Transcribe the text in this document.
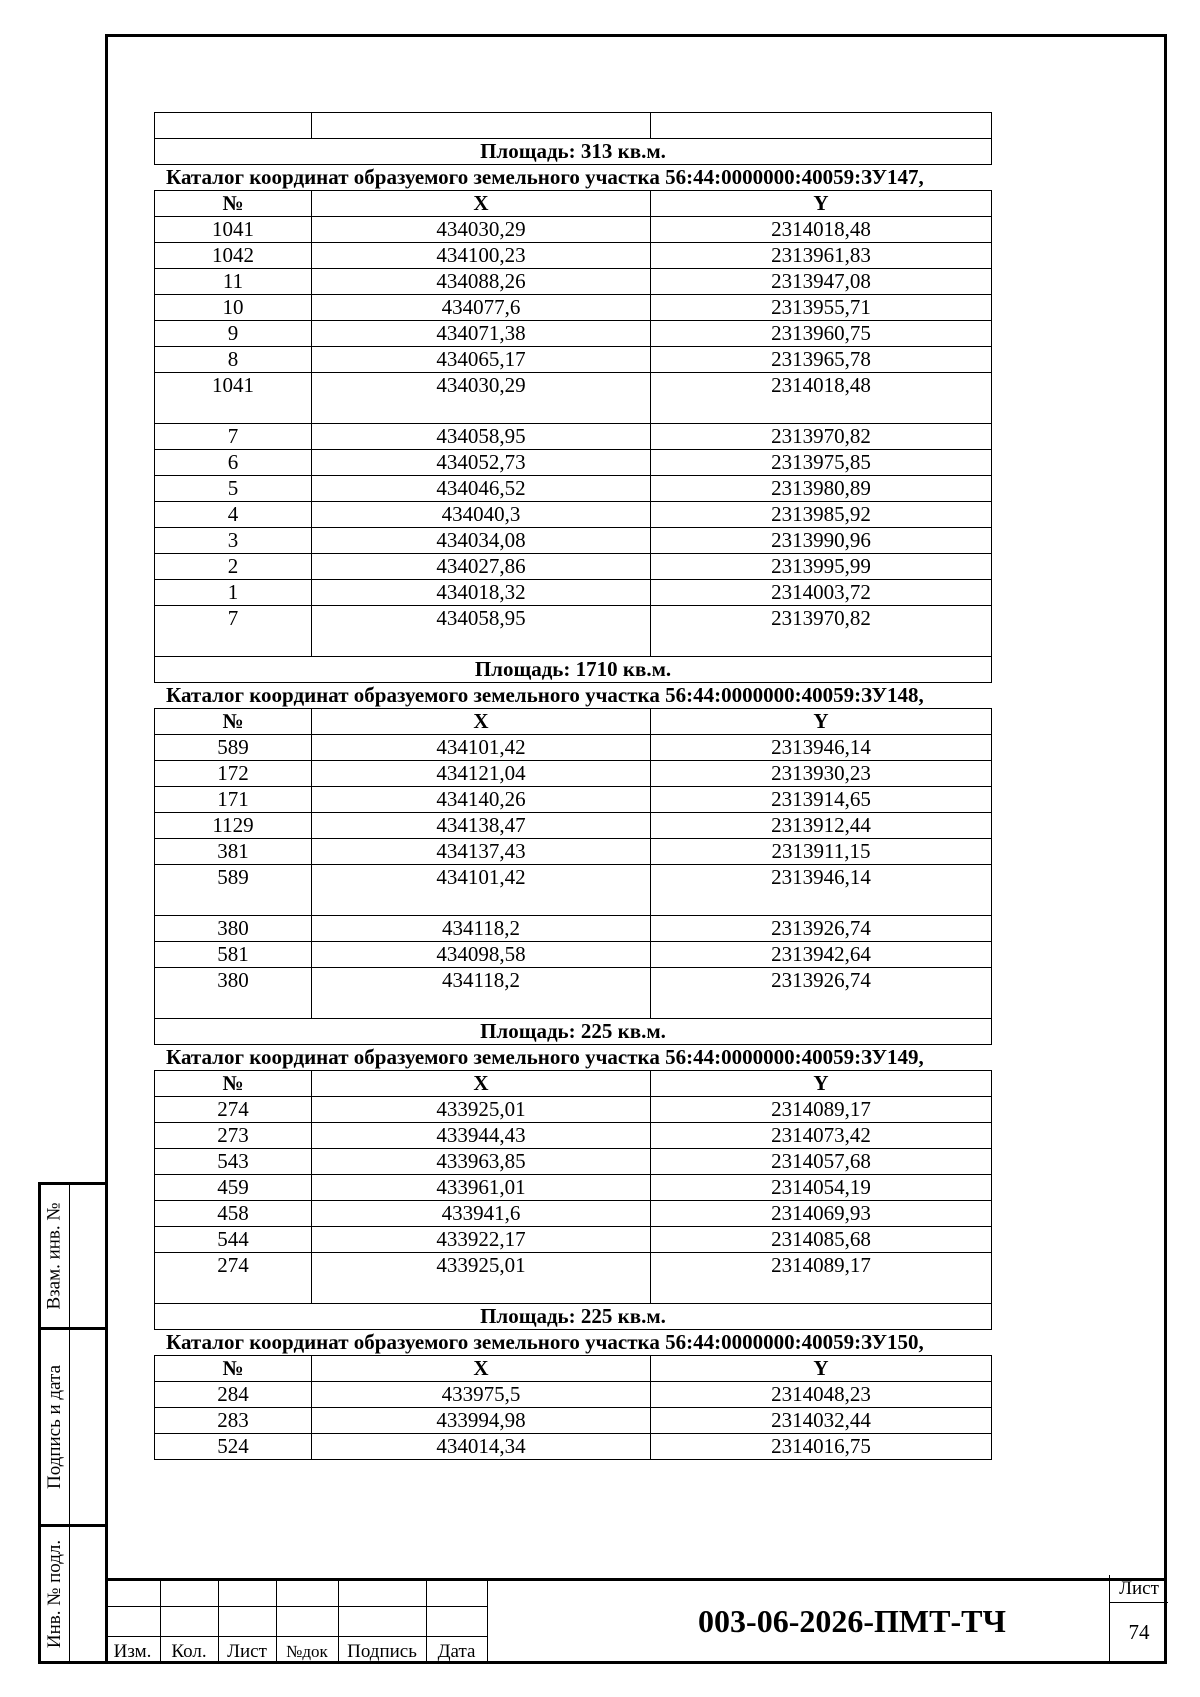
Площадь: 313 кв.м.
Каталог координат образуемого земельного участка 56:44:0000000:40059:ЗУ147,
№	X	Y
1041	434030,29	2314018,48
1042	434100,23	2313961,83
11	434088,26	2313947,08
10	434077,6	2313955,71
9	434071,38	2313960,75
8	434065,17	2313965,78
1041	434030,29	2314018,48
7	434058,95	2313970,82
6	434052,73	2313975,85
5	434046,52	2313980,89
4	434040,3	2313985,92
3	434034,08	2313990,96
2	434027,86	2313995,99
1	434018,32	2314003,72
7	434058,95	2313970,82
Площадь: 1710 кв.м.		
Каталог координат образуемого земельного участка 56:44:0000000:40059:ЗУ148,
№	X	Y
589	434101,42	2313946,14
172	434121,04	2313930,23
171	434140,26	2313914,65
1129	434138,47	2313912,44
381	434137,43	2313911,15
589	434101,42	2313946,14
380	434118,2	2313926,74
581	434098,58	2313942,64
380	434118,2	2313926,74
Площадь: 225 кв.м.		
Каталог координат образуемого земельного участка 56:44:0000000:40059:ЗУ149,
№	X	Y
274	433925,01	2314089,17
273	433944,43	2314073,42
543	433963,85	2314057,68
459	433961,01	2314054,19
458	433941,6	2314069,93
544	433922,17	2314085,68
274	433925,01	2314089,17
Площадь: 225 кв.м.		
Каталог координат образуемого земельного участка 56:44:0000000:40059:ЗУ150,
№	X	Y
284	433975,5	2314048,23
283	433994,98	2314032,44
524	434014,34	2314016,75
Взам. инв. №
Подпись и дата
Инв. № подл.
Изм.	Кол.	Лист	№док	Подпись	Дата
003-06-2026-ПМТ-ТЧ
Лист
74
